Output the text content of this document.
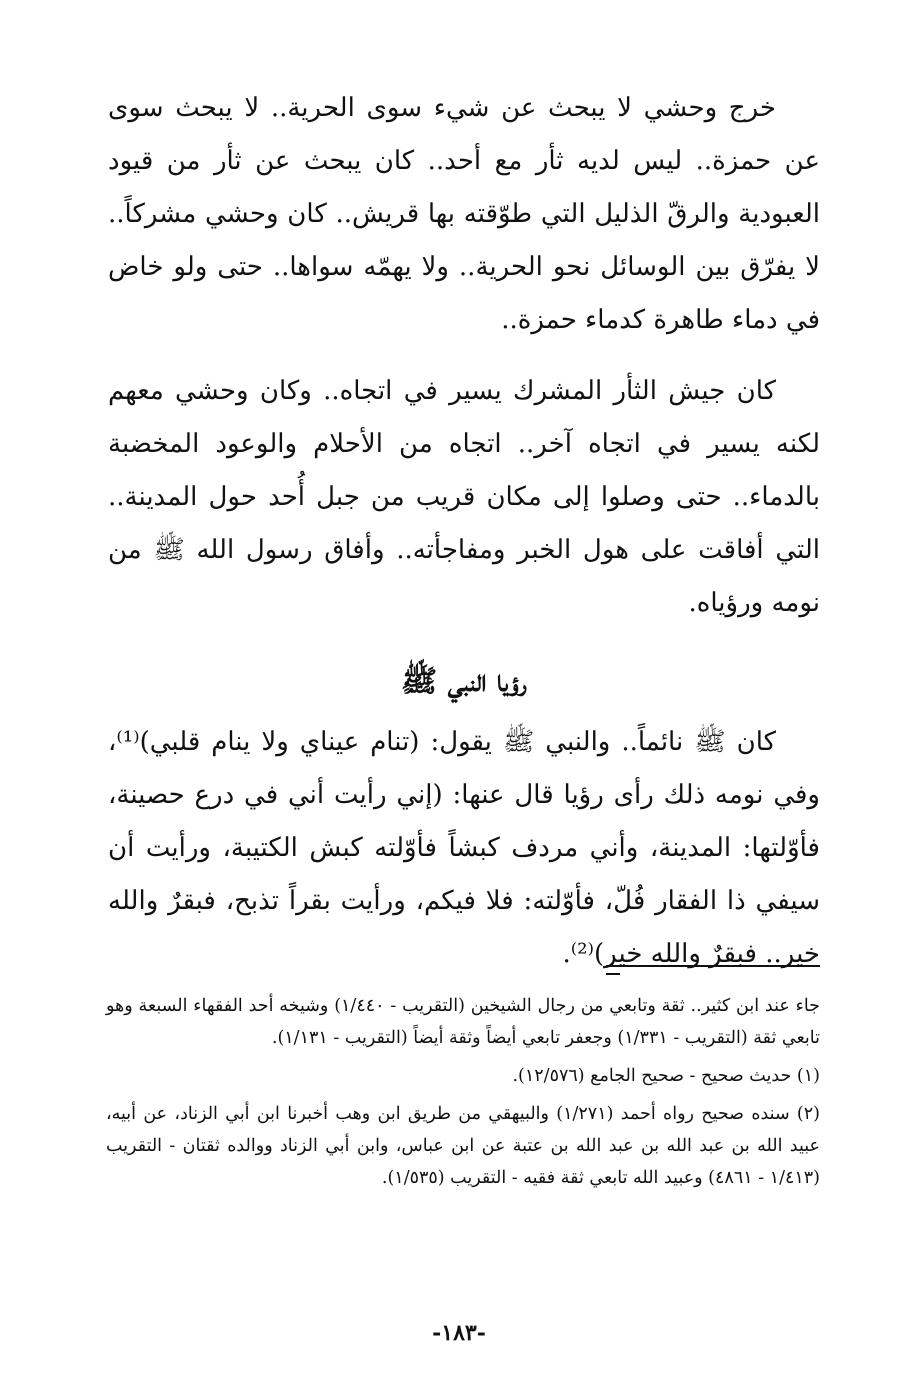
خرج وحشي لا يبحث عن شيء سوى الحرية.. لا يبحث سوى عن حمزة.. ليس لديه ثأر مع أحد.. كان يبحث عن ثأر من قيود العبودية والرقّ الذليل التي طوّقته بها قريش.. كان وحشي مشركاً.. لا يفرّق بين الوسائل نحو الحرية.. ولا يهمّه سواها.. حتى ولو خاض في دماء طاهرة كدماء حمزة..

كان جيش الثأر المشرك يسير في اتجاه.. وكان وحشي معهم لكنه يسير في اتجاه آخر.. اتجاه من الأحلام والوعود المخضبة بالدماء.. حتى وصلوا إلى مكان قريب من جبل أُحد حول المدينة.. التي أفاقت على هول الخبر ومفاجأته.. وأفاق رسول الله ﷺ من نومه ورؤياه.

رؤيا النبي ﷺ

كان ﷺ نائماً.. والنبي ﷺ يقول: (تنام عيناي ولا ينام قلبي)⁽¹⁾، وفي نومه ذلك رأى رؤيا قال عنها: (إني رأيت أني في درع حصينة، فأوّلتها: المدينة، وأني مردف كبشاً فأوّلته كبش الكتيبة، ورأيت أن سيفي ذا الفقار فُلّ، فأوّلته: فلا فيكم، ورأيت بقراً تذبح، فبقرٌ والله خير.. فبقرٌ والله خير)⁽²⁾.

جاء عند ابن كثير.. ثقة وتابعي من رجال الشيخين (التقريب - ١/٤٤٠) وشيخه أحد الفقهاء السبعة وهو تابعي ثقة (التقريب - ١/٣٣١) وجعفر تابعي أيضاً وثقة أيضاً (التقريب - ١/١٣١).
(١) حديث صحيح - صحيح الجامع (١٢/٥٧٦).
(٢) سنده صحيح رواه أحمد (١/٢٧١) والبيهقي من طريق ابن وهب أخبرنا ابن أبي الزناد، عن أبيه، عبيد الله بن عبد الله بن عبد الله بن عتبة عن ابن عباس، وابن أبي الزناد ووالده ثقتان - التقريب (١/٤١٣ - ٤٨٦١) وعبيد الله تابعي ثقة فقيه - التقريب (١/٥٣٥).
-١٨٣-
